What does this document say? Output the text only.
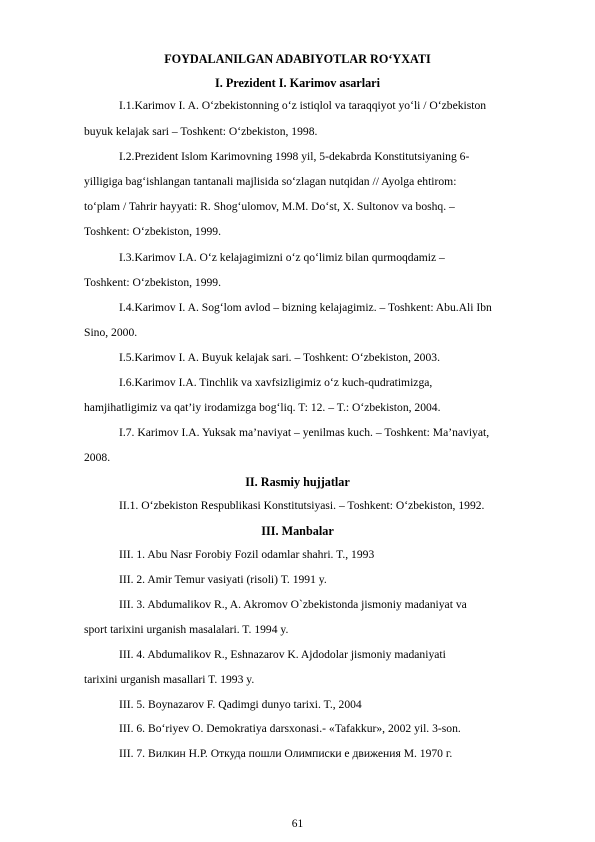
FOYDALANILGAN ADABIYOTLAR RO‘YXATI
I. Prezident I. Karimov asarlari
I.1.Karimov I. A. O‘zbekistonning o‘z istiqlol va taraqqiyot yo‘li / O‘zbekiston
buyuk kelajak sari – Toshkent: O‘zbekiston, 1998.
I.2.Prezident Islom Karimovning 1998 yil, 5-dekabrda Konstitutsiyaning 6-
yilligiga bag‘ishlangan tantanali majlisida so‘zlagan nutqidan // Ayolga ehtirom:
to‘plam / Tahrir hayyati: R. Shog‘ulomov, M.M. Do‘st, X. Sultonov va boshq. –
Toshkent: O‘zbekiston, 1999.
I.3.Karimov I.A. O‘z kelajagimizni o‘z qo‘limiz bilan qurmoqdamiz –
Toshkent: O‘zbekiston, 1999.
I.4.Karimov I. A. Sog‘lom avlod – bizning kelajagimiz. – Toshkent: Abu.Ali Ibn
Sino, 2000.
I.5.Karimov I. A. Buyuk kelajak sari. – Toshkent: O‘zbekiston, 2003.
I.6.Karimov I.A. Tinchlik va xavfsizligimiz o‘z kuch-qudratimizga,
hamjihatligimiz va qat’iy irodamizga bog‘liq. T: 12. – T.: O‘zbekiston, 2004.
I.7. Karimov I.A. Yuksak ma’naviyat – yenilmas kuch. – Toshkent: Ma’naviyat,
2008.
II. Rasmiy hujjatlar
II.1. O‘zbekiston Respublikasi Konstitutsiyasi. – Toshkent: O‘zbekiston, 1992.
III. Manbalar
III. 1. Abu Nasr Forobiy Fozil odamlar shahri. T., 1993
III. 2. Amir Temur vasiyati (risoli) T. 1991 y.
III. 3. Abdumalikov R., A. Akromov O`zbekistonda jismoniy madaniyat va
sport tarixini urganish masalalari. T. 1994 y.
III. 4. Abdumalikov R., Eshnazarov K. Ajdodolar jismoniy madaniyati
tarixini urganish masallari T. 1993 y.
III. 5. Boynazarov F. Qadimgi dunyo tarixi. T., 2004
III. 6. Bo‘riyev O. Demokratiya darsxonasi.- «Tafakkur», 2002 yil. 3-son.
III. 7. Вилкин Н.Р. Откуда пошли Олимписки е движения М. 1970 г.
61
